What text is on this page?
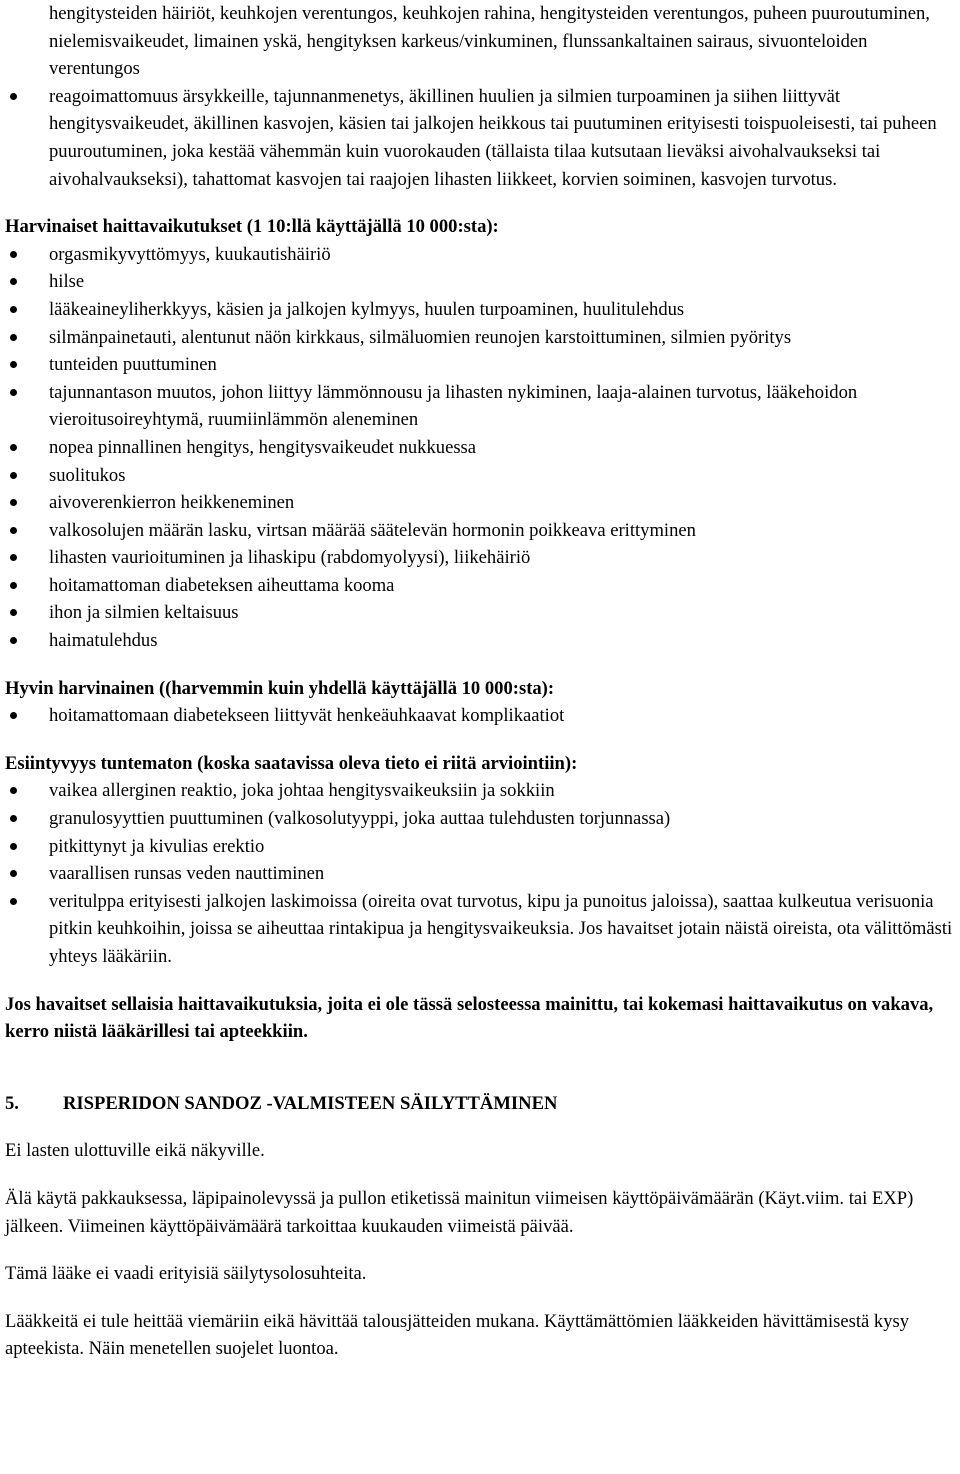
hengitysteiden häiriöt, keuhkojen verentungos, keuhkojen rahina, hengitysteiden verentungos, puheen puuroutuminen, nielemisvaikeudet, limainen yskä, hengityksen karkeus/vinkuminen, flunssankaltainen sairaus, sivuonteloiden verentungos
reagoimattomuus ärsykkeille, tajunnanmenetys, äkillinen huulien ja silmien turpoaminen ja siihen liittyvät hengitysvaikeudet, äkillinen kasvojen, käsien tai jalkojen heikkous tai puutuminen erityisesti toispuoleisesti, tai puheen puuroutuminen, joka kestää vähemmän kuin vuorokauden (tällaista tilaa kutsutaan lieväksi aivohalvaukseksi tai aivohalvaukseksi), tahattomat kasvojen tai raajojen lihasten liikkeet, korvien soiminen, kasvojen turvotus.

Harvinaiset haittavaikutukset (1 10:llä käyttäjällä 10 000:sta):

orgasmikyvyttömyys, kuukautishäiriö
hilse
lääkeaineyliherkkyys, käsien ja jalkojen kylmyys, huulen turpoaminen, huulitulehdus
silmänpainetauti, alentunut näön kirkkaus, silmäluomien reunojen karstoittuminen, silmien pyöritys
tunteiden puuttuminen
tajunnantason muutos, johon liittyy lämmönnousu ja lihasten nykiminen, laaja-alainen turvotus, lääkehoidon vieroitusoireyhtymä, ruumiinlämmön aleneminen
nopea pinnallinen hengitys, hengitysvaikeudet nukkuessa
suolitukos
aivoverenkierron heikkeneminen
valkosolujen määrän lasku, virtsan määrää säätelevän hormonin poikkeava erittyminen
lihasten vaurioituminen ja lihaskipu (rabdomyolyysi), liikehäiriö
hoitamattoman diabeteksen aiheuttama kooma
ihon ja silmien keltaisuus
haimatulehdus

Hyvin harvinainen ((harvemmin kuin yhdellä käyttäjällä 10 000:sta):

hoitamattomaan diabetekseen liittyvät henkeäuhkaavat komplikaatiot

Esiintyvyys tuntematon (koska saatavissa oleva tieto ei riitä arviointiin):

vaikea allerginen reaktio, joka johtaa hengitysvaikeuksiin ja sokkiin
granulosyyttien puuttuminen (valkosolutyyppi, joka auttaa tulehdusten torjunnassa)
pitkittynyt ja kivulias erektio
vaarallisen runsas veden nauttiminen
veritulppa erityisesti jalkojen laskimoissa (oireita ovat turvotus, kipu ja punoitus jaloissa), saattaa kulkeutua verisuonia pitkin keuhkoihin, joissa se aiheuttaa rintakipua ja hengitysvaikeuksia. Jos havaitset jotain näistä oireista, ota välittömästi yhteys lääkäriin.

Jos havaitset sellaisia haittavaikutuksia, joita ei ole tässä selosteessa mainittu, tai kokemasi haittavaikutus on vakava, kerro niistä lääkärillesi tai apteekkiin.

5.	RISPERIDON SANDOZ -VALMISTEEN SÄILYTTÄMINEN

Ei lasten ulottuville eikä näkyville.

Älä käytä pakkauksessa, läpipainolevyssä ja pullon etiketissä mainitun viimeisen käyttöpäivämäärän (Käyt.viim. tai EXP) jälkeen. Viimeinen käyttöpäivämäärä tarkoittaa kuukauden viimeistä päivää.

Tämä lääke ei vaadi erityisiä säilytysolosuhteita.

Lääkkeitä ei tule heittää viemäriin eikä hävittää talousjätteiden mukana. Käyttämättömien lääkkeiden hävittämisestä kysy apteekista. Näin menetellen suojelet luontoa.
